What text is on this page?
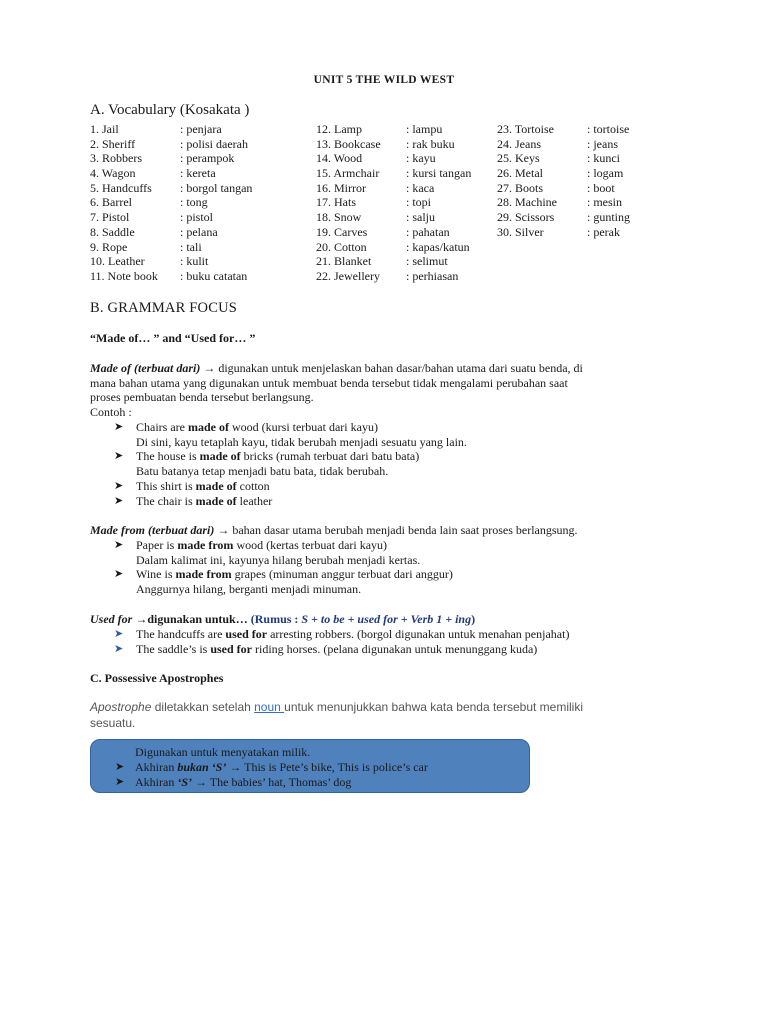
UNIT 5 THE WILD WEST
A. Vocabulary (Kosakata )
1. Jail	: penjara
2. Sheriff	: polisi daerah
3. Robbers	: perampok
4. Wagon	: kereta
5. Handcuffs	: borgol tangan
6. Barrel	: tong
7. Pistol	: pistol
8. Saddle	: pelana
9. Rope	: tali
10. Leather	: kulit
11. Note book	: buku catatan
12. Lamp	: lampu
13. Bookcase	: rak buku
14. Wood	: kayu
15. Armchair	: kursi tangan
16. Mirror	: kaca
17. Hats	: topi
18. Snow	: salju
19. Carves	: pahatan
20. Cotton	: kapas/katun
21. Blanket	: selimut
22. Jewellery	: perhiasan
23. Tortoise	: tortoise
24. Jeans	: jeans
25. Keys	: kunci
26. Metal	: logam
27. Boots	: boot
28. Machine	: mesin
29. Scissors	: gunting
30. Silver	: perak
B. GRAMMAR FOCUS
“Made of… ” and “Used for… ”
Made of (terbuat dari) → digunakan untuk menjelaskan bahan dasar/bahan utama dari suatu benda, di
mana bahan utama yang digunakan untuk membuat benda tersebut tidak mengalami perubahan saat
proses pembuatan benda tersebut berlangsung.
Contoh :
➤ Chairs are made of wood (kursi terbuat dari kayu)
Di sini, kayu tetaplah kayu, tidak berubah menjadi sesuatu yang lain.
➤ The house is made of bricks (rumah terbuat dari batu bata)
Batu batanya tetap menjadi batu bata, tidak berubah.
➤ This shirt is made of cotton
➤ The chair is made of leather
Made from (terbuat dari) → bahan dasar utama berubah menjadi benda lain saat proses berlangsung.
➤ Paper is made from wood (kertas terbuat dari kayu)
Dalam kalimat ini, kayunya hilang berubah menjadi kertas.
➤ Wine is made from grapes (minuman anggur terbuat dari anggur)
Anggurnya hilang, berganti menjadi minuman.
Used for →digunakan untuk… (Rumus : S + to be + used for + Verb 1 + ing)
➤ The handcuffs are used for arresting robbers. (borgol digunakan untuk menahan penjahat)
➤ The saddle’s is used for riding horses. (pelana digunakan untuk menunggang kuda)
C. Possessive Apostrophes
Apostrophe diletakkan setelah noun untuk menunjukkan bahwa kata benda tersebut memiliki
sesuatu.
Digunakan untuk menyatakan milik.
➤ Akhiran bukan ‘S’ → This is Pete’s bike, This is police’s car
➤ Akhiran ‘S’ → The babies’ hat, Thomas’ dog
